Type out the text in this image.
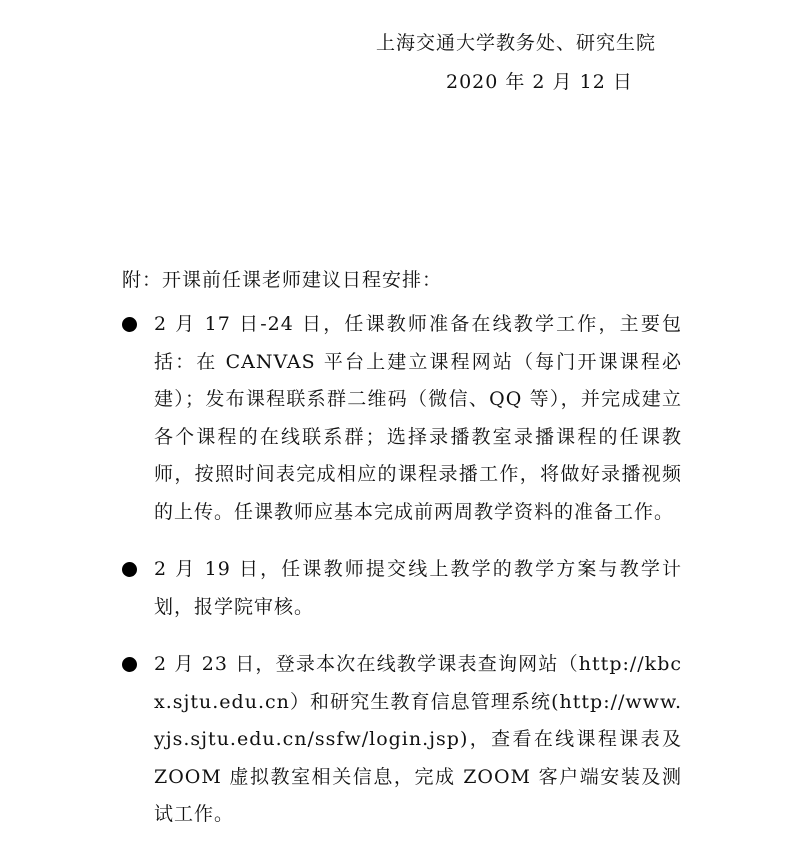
上海交通大学教务处、研究生院
2020 年 2 月 12 日
附：开课前任课老师建议日程安排：
2 月 17 日-24 日，任课教师准备在线教学工作，主要包括：在 CANVAS 平台上建立课程网站（每门开课课程必建）；发布课程联系群二维码（微信、QQ 等），并完成建立各个课程的在线联系群；选择录播教室录播课程的任课教师，按照时间表完成相应的课程录播工作，将做好录播视频的上传。任课教师应基本完成前两周教学资料的准备工作。
2 月 19 日，任课教师提交线上教学的教学方案与教学计划，报学院审核。
2 月 23 日，登录本次在线教学课表查询网站（http://kbcx.sjtu.edu.cn）和研究生教育信息管理系统(http://www.yjs.sjtu.edu.cn/ssfw/login.jsp)，查看在线课程课表及 ZOOM 虚拟教室相关信息，完成 ZOOM 客户端安装及测试工作。
